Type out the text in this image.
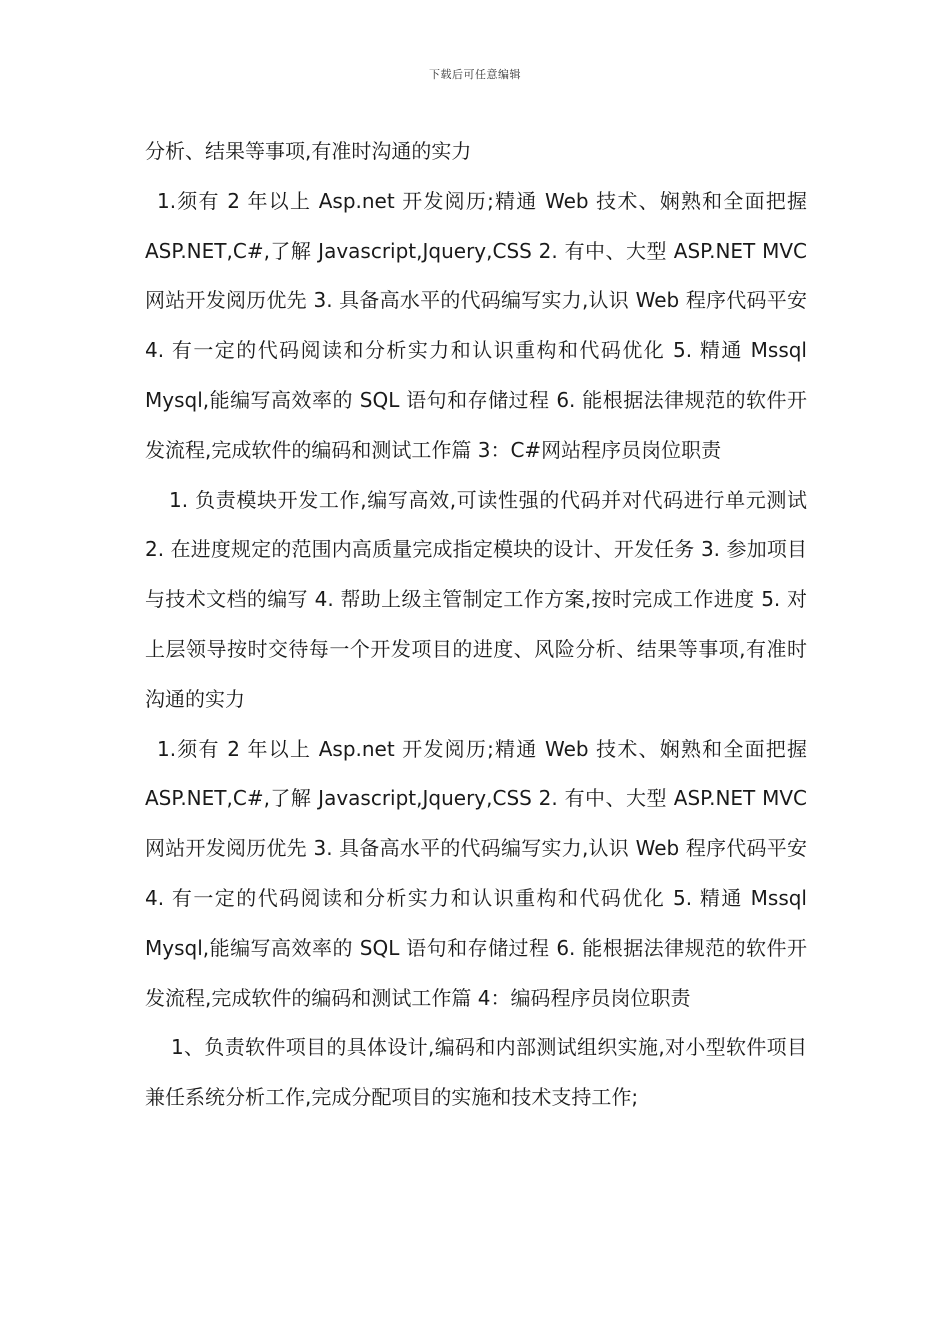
下载后可任意编辑

分析、结果等事项,有准时沟通的实力

1.须有 2 年以上 Asp.net 开发阅历;精通 Web 技术、娴熟和全面把握 ASP.NET,C#,了解 Javascript,Jquery,CSS 2. 有中、大型 ASP.NET MVC 网站开发阅历优先 3. 具备高水平的代码编写实力,认识 Web 程序代码平安 4. 有一定的代码阅读和分析实力和认识重构和代码优化 5. 精通 Mssql Mysql,能编写高效率的 SQL 语句和存储过程 6. 能根据法律规范的软件开发流程,完成软件的编码和测试工作篇 3：C#网站程序员岗位职责

1. 负责模块开发工作,编写高效,可读性强的代码并对代码进行单元测试 2. 在进度规定的范围内高质量完成指定模块的设计、开发任务 3. 参加项目与技术文档的编写 4. 帮助上级主管制定工作方案,按时完成工作进度 5. 对上层领导按时交待每一个开发项目的进度、风险分析、结果等事项,有准时沟通的实力

1.须有 2 年以上 Asp.net 开发阅历;精通 Web 技术、娴熟和全面把握 ASP.NET,C#,了解 Javascript,Jquery,CSS 2. 有中、大型 ASP.NET MVC 网站开发阅历优先 3. 具备高水平的代码编写实力,认识 Web 程序代码平安 4. 有一定的代码阅读和分析实力和认识重构和代码优化 5. 精通 Mssql Mysql,能编写高效率的 SQL 语句和存储过程 6. 能根据法律规范的软件开发流程,完成软件的编码和测试工作篇 4：编码程序员岗位职责

1、负责软件项目的具体设计,编码和内部测试组织实施,对小型软件项目兼任系统分析工作,完成分配项目的实施和技术支持工作;
